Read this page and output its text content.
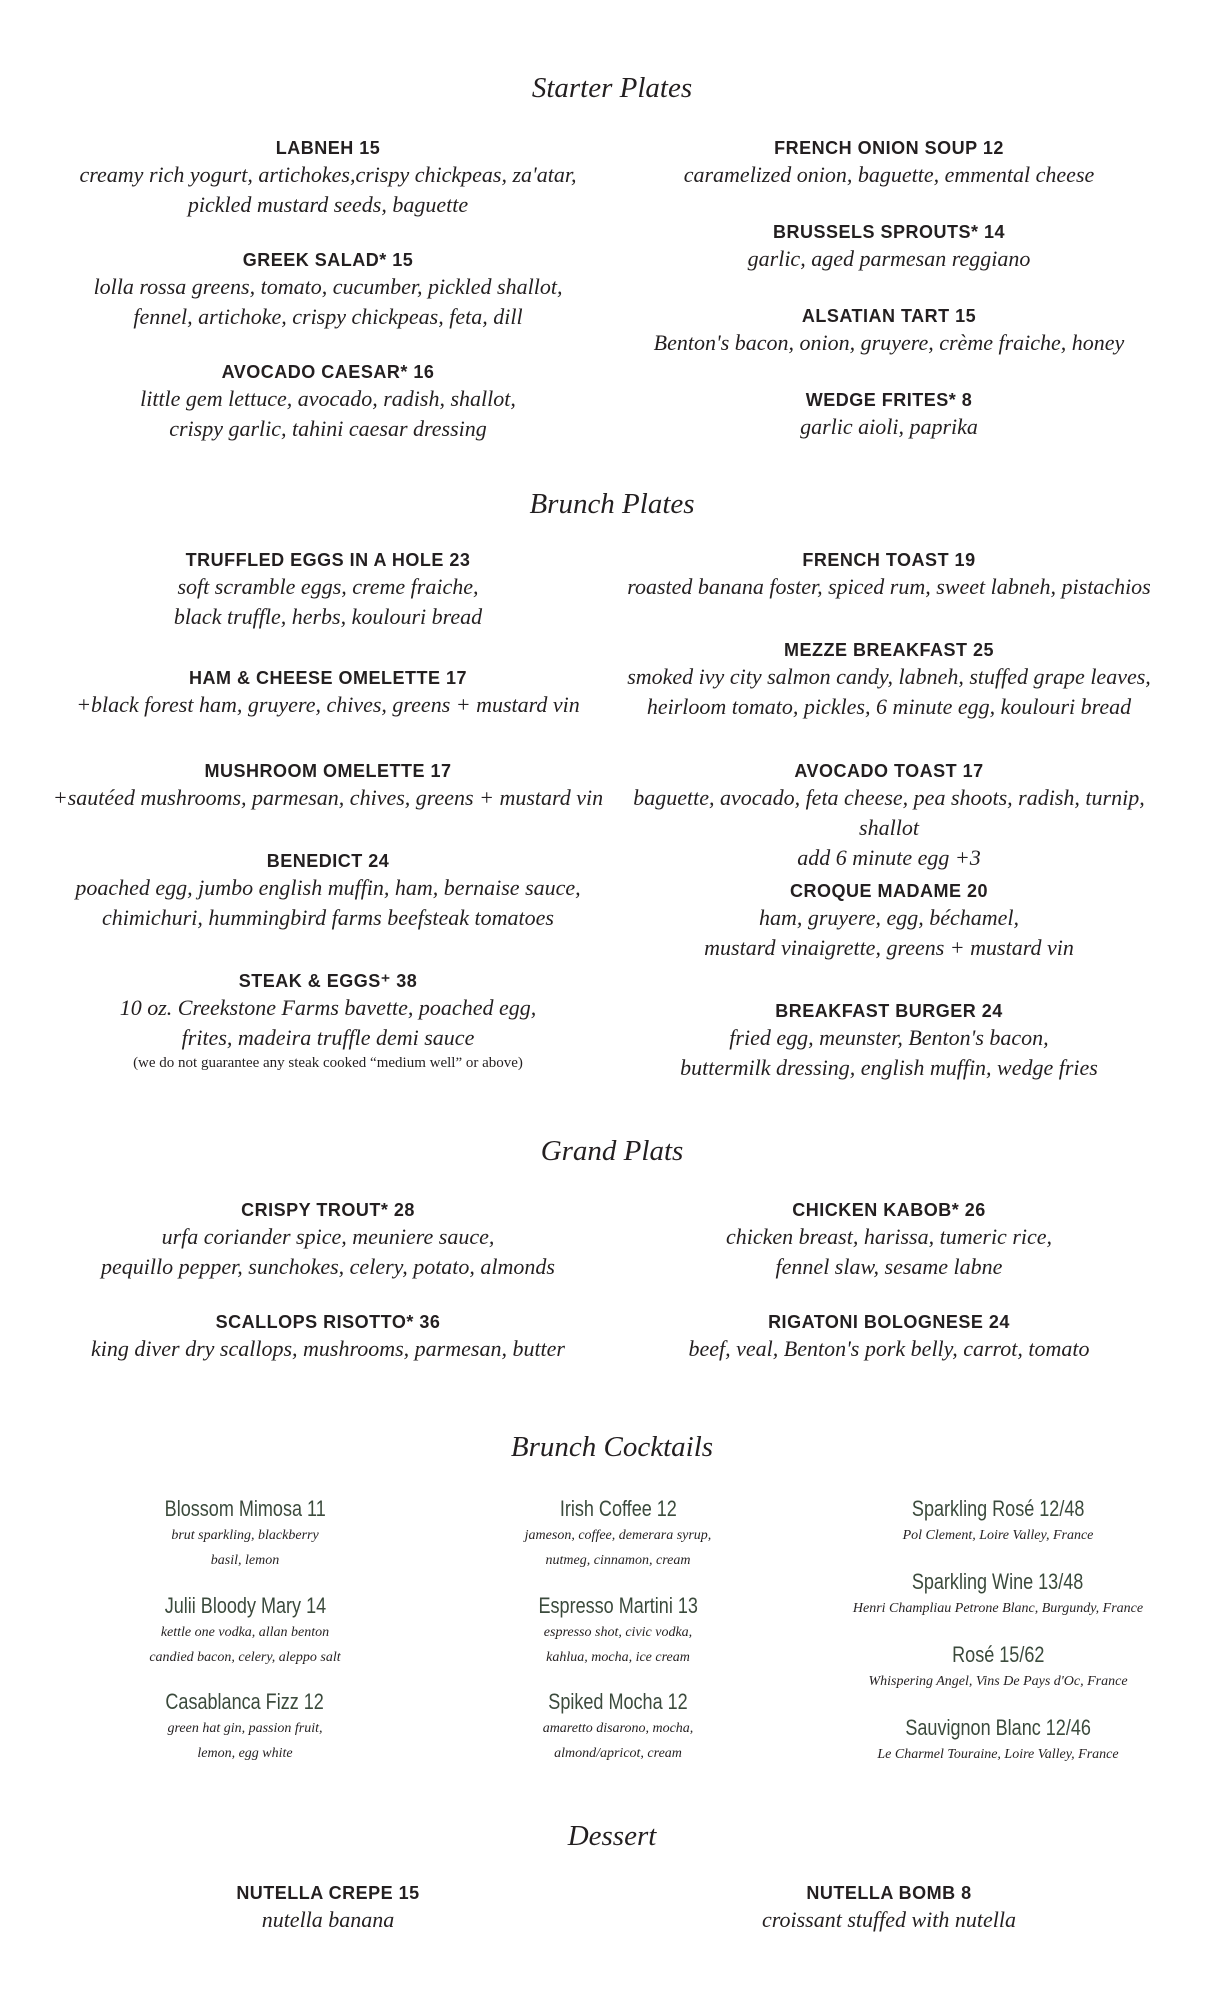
Starter Plates
LABNEH 15
creamy rich yogurt, artichokes,crispy chickpeas, za'atar,
pickled mustard seeds, baguette
GREEK SALAD* 15
lolla rossa greens, tomato, cucumber, pickled shallot,
fennel, artichoke, crispy chickpeas, feta, dill
AVOCADO CAESAR* 16
little gem lettuce, avocado, radish, shallot,
crispy garlic, tahini caesar dressing
FRENCH ONION SOUP 12
caramelized onion, baguette, emmental cheese
BRUSSELS SPROUTS* 14
garlic, aged parmesan reggiano
ALSATIAN TART 15
Benton's bacon, onion, gruyere, crème fraiche, honey
WEDGE FRITES* 8
garlic aioli, paprika
Brunch Plates
TRUFFLED EGGS IN A HOLE 23
soft scramble eggs, creme fraiche,
black truffle, herbs, koulouri bread
HAM & CHEESE OMELETTE 17
+black forest ham, gruyere, chives, greens + mustard vin
MUSHROOM OMELETTE 17
+sautéed mushrooms, parmesan, chives, greens + mustard vin
BENEDICT 24
poached egg, jumbo english muffin, ham, bernaise sauce,
chimichuri, hummingbird farms beefsteak tomatoes
STEAK & EGGS⁺ 38
10 oz. Creekstone Farms bavette, poached egg,
frites, madeira truffle demi sauce
(we do not guarantee any steak cooked “medium well” or above)
FRENCH TOAST 19
roasted banana foster, spiced rum, sweet labneh, pistachios
MEZZE BREAKFAST 25
smoked ivy city salmon candy, labneh, stuffed grape leaves,
heirloom tomato, pickles, 6 minute egg, koulouri bread
AVOCADO TOAST 17
baguette, avocado, feta cheese, pea shoots, radish, turnip, shallot
add 6 minute egg +3
CROQUE MADAME 20
ham, gruyere, egg, béchamel,
mustard vinaigrette, greens + mustard vin
BREAKFAST BURGER 24
fried egg, meunster, Benton's bacon,
buttermilk dressing, english muffin, wedge fries
Grand Plats
CRISPY TROUT* 28
urfa coriander spice, meuniere sauce,
pequillo pepper, sunchokes, celery, potato, almonds
SCALLOPS RISOTTO* 36
king diver dry scallops, mushrooms, parmesan, butter
CHICKEN KABOB* 26
chicken breast, harissa, tumeric rice,
fennel slaw, sesame labne
RIGATONI BOLOGNESE 24
beef, veal, Benton's pork belly, carrot, tomato
Brunch Cocktails
Blossom Mimosa 11
brut sparkling, blackberry
basil, lemon
Julii Bloody Mary 14
kettle one vodka, allan benton
candied bacon, celery, aleppo salt
Casablanca Fizz 12
green hat gin, passion fruit,
lemon, egg white
Irish Coffee 12
jameson, coffee, demerara syrup,
nutmeg, cinnamon, cream
Espresso Martini 13
espresso shot, civic vodka,
kahlua, mocha, ice cream
Spiked Mocha 12
amaretto disarono, mocha,
almond/apricot, cream
Sparkling Rosé 12/48
Pol Clement, Loire Valley, France
Sparkling Wine 13/48
Henri Champliau Petrone Blanc, Burgundy, France
Rosé 15/62
Whispering Angel, Vins De Pays d'Oc, France
Sauvignon Blanc 12/46
Le Charmel Touraine, Loire Valley, France
Dessert
NUTELLA CREPE 15
nutella banana
NUTELLA BOMB 8
croissant stuffed with nutella
